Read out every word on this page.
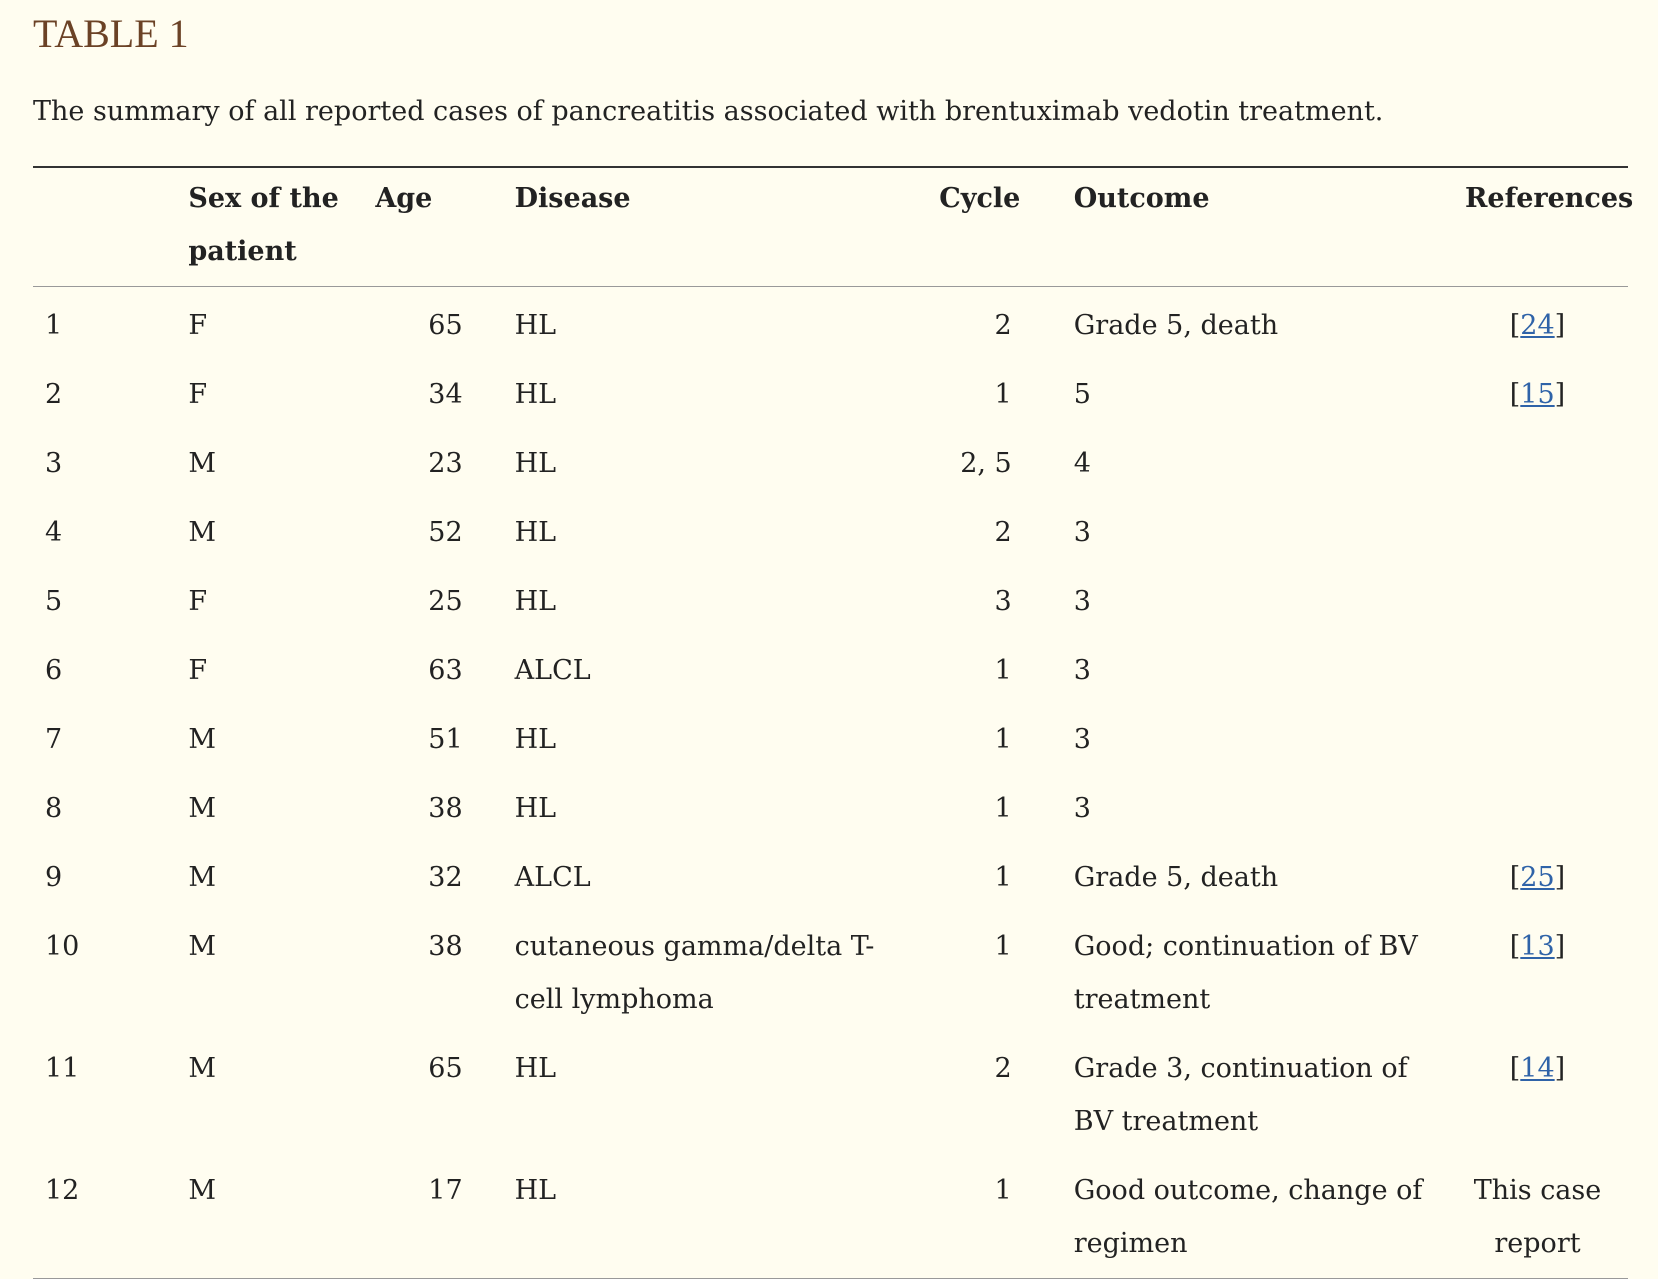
TABLE 1

The summary of all reported cases of pancreatitis associated with brentuximab vedotin treatment.

	Sex of the patient	Age	Disease	Cycle	Outcome	References
1	F	65	HL	2	Grade 5, death	[24]
2	F	34	HL	1	5	[15]
3	M	23	HL	2, 5	4	
4	M	52	HL	2	3	
5	F	25	HL	3	3	
6	F	63	ALCL	1	3	
7	M	51	HL	1	3	
8	M	38	HL	1	3	
9	M	32	ALCL	1	Grade 5, death	[25]
10	M	38	cutaneous gamma/delta T-cell lymphoma	1	Good; continuation of BV treatment	[13]
11	M	65	HL	2	Grade 3, continuation of BV treatment	[14]
12	M	17	HL	1	Good outcome, change of regimen	This case report
